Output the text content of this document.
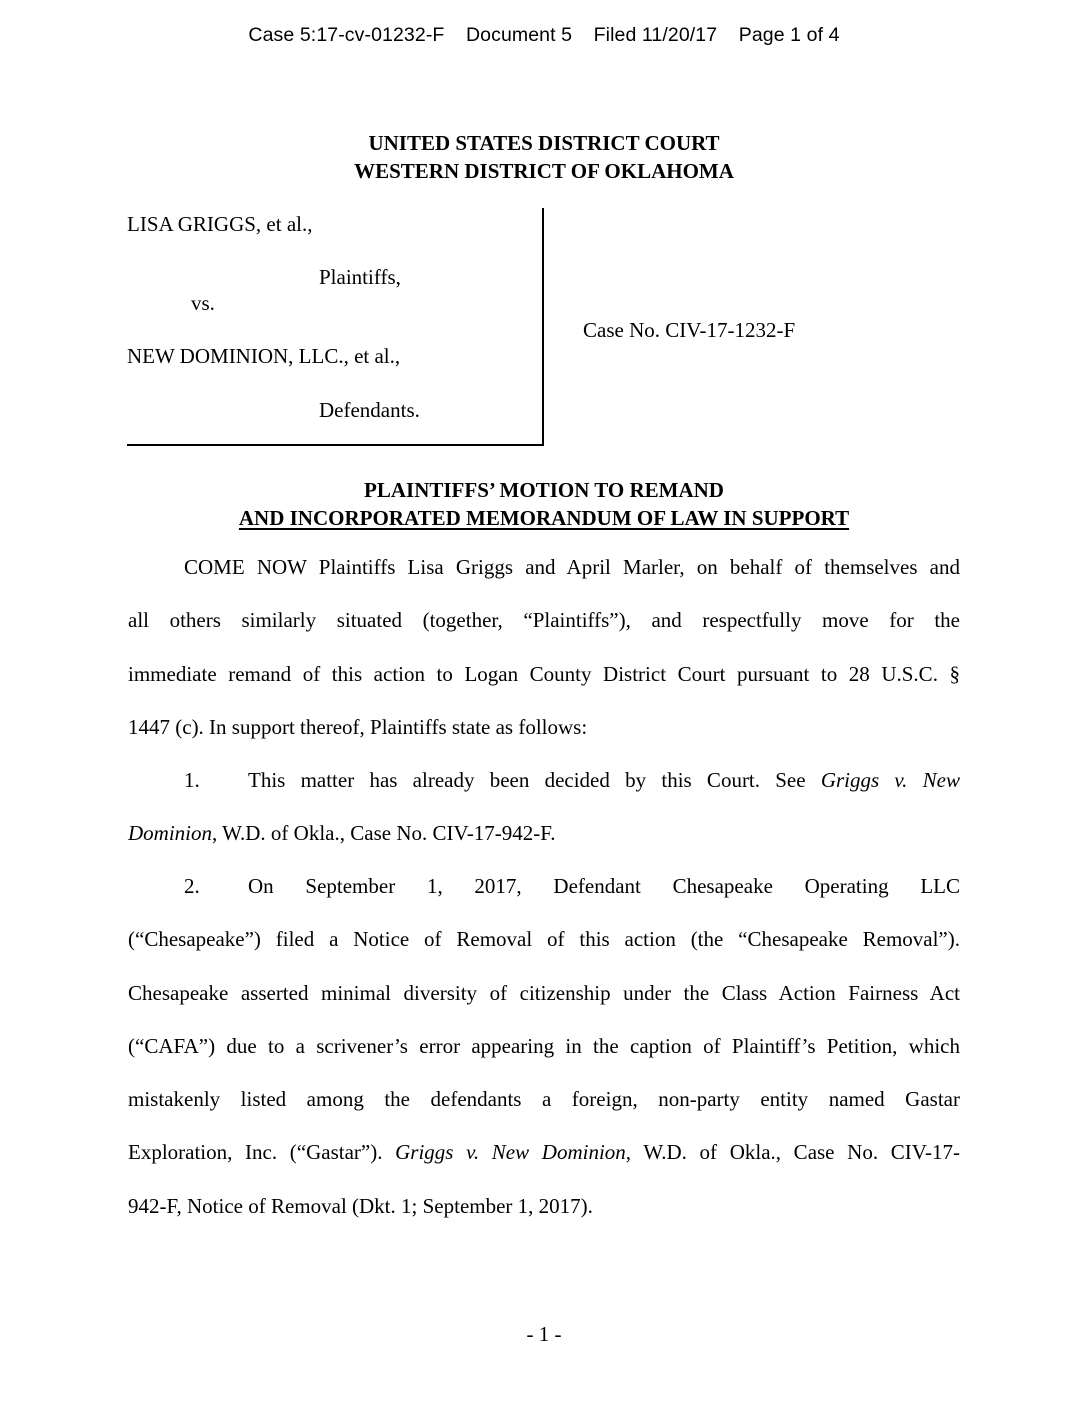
Case 5:17-cv-01232-F Document 5 Filed 11/20/17 Page 1 of 4
UNITED STATES DISTRICT COURT
WESTERN DISTRICT OF OKLAHOMA
LISA GRIGGS, et al.,
Plaintiffs,
vs.
NEW DOMINION, LLC., et al.,
Defendants.
Case No. CIV-17-1232-F
PLAINTIFFS’ MOTION TO REMAND
AND INCORPORATED MEMORANDUM OF LAW IN SUPPORT
COME NOW Plaintiffs Lisa Griggs and April Marler, on behalf of themselves and
all others similarly situated (together, “Plaintiffs”), and respectfully move for the
immediate remand of this action to Logan County District Court pursuant to 28 U.S.C. §
1447 (c). In support thereof, Plaintiffs state as follows:
1. This matter has already been decided by this Court. See Griggs v. New
Dominion, W.D. of Okla., Case No. CIV-17-942-F.
2. On September 1, 2017, Defendant Chesapeake Operating LLC
(“Chesapeake”) filed a Notice of Removal of this action (the “Chesapeake Removal”).
Chesapeake asserted minimal diversity of citizenship under the Class Action Fairness Act
(“CAFA”) due to a scrivener’s error appearing in the caption of Plaintiff’s Petition, which
mistakenly listed among the defendants a foreign, non-party entity named Gastar
Exploration, Inc. (“Gastar”). Griggs v. New Dominion, W.D. of Okla., Case No. CIV-17-
942-F, Notice of Removal (Dkt. 1; September 1, 2017).
- 1 -
